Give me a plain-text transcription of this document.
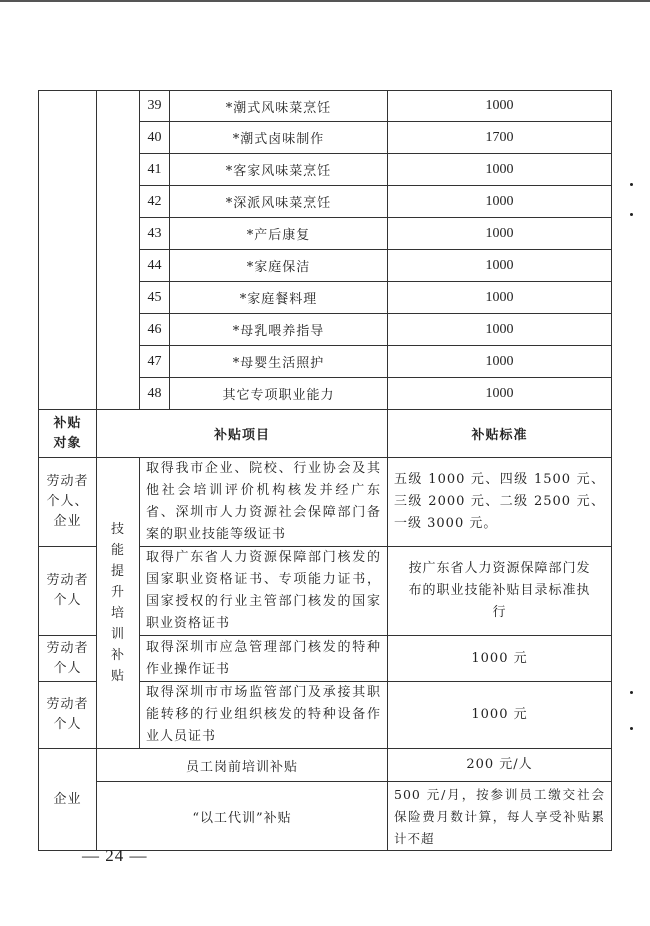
		39	*潮式风味菜烹饪	1000
		40	*潮式卤味制作	1700
		41	*客家风味菜烹饪	1000
		42	*深派风味菜烹饪	1000
		43	*产后康复	1000
		44	*家庭保洁	1000
		45	*家庭餐料理	1000
		46	*母乳喂养指导	1000
		47	*母婴生活照护	1000
		48	其它专项职业能力	1000
补贴对象	补贴项目			补贴标准
劳动者个人、企业	技能提升培训补贴	取得我市企业、院校、行业协会及其他社会培训评价机构核发并经广东省、深圳市人力资源社会保障部门备案的职业技能等级证书		五级 1000 元、四级 1500 元、三级 2000 元、二级 2500 元、一级 3000 元。
劳动者个人		取得广东省人力资源保障部门核发的国家职业资格证书、专项能力证书，国家授权的行业主管部门核发的国家职业资格证书		按广东省人力资源保障部门发布的职业技能补贴目录标准执行
劳动者个人		取得深圳市应急管理部门核发的特种作业操作证书		1000 元
劳动者个人		取得深圳市市场监管部门及承接其职能转移的行业组织核发的特种设备作业人员证书		1000 元
企业	员工岗前培训补贴			200 元/人
	“以工代训”补贴			500 元/月，按参训员工缴交社会保险费月数计算，每人享受补贴累计不超
— 24 —
